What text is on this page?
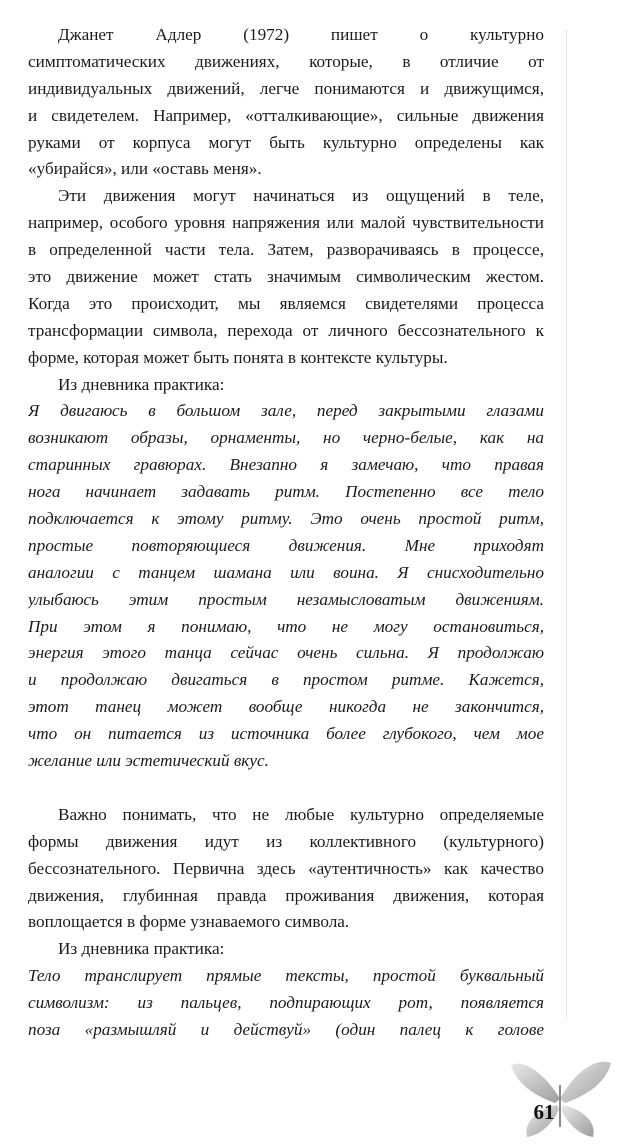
Джанет Адлер (1972) пишет о культурно
симптоматических движениях, которые, в отличие от
индивидуальных движений, легче понимаются и движущимся,
и свидетелем. Например, «отталкивающие», сильные движения
руками от корпуса могут быть культурно определены как
«убирайся», или «оставь меня».
Эти движения могут начинаться из ощущений в теле,
например, особого уровня напряжения или малой чувствительности
в определенной части тела. Затем, разворачиваясь в процессе,
это движение может стать значимым символическим жестом.
Когда это происходит, мы являемся свидетелями процесса
трансформации символа, перехода от личного бессознательного к
форме, которая может быть понята в контексте культуры.
Из дневника практика:
Я двигаюсь в большом зале, перед закрытыми глазами
возникают образы, орнаменты, но черно-белые, как на
старинных гравюрах. Внезапно я замечаю, что правая
нога начинает задавать ритм. Постепенно все тело
подключается к этому ритму. Это очень простой ритм,
простые повторяющиеся движения. Мне приходят
аналогии с танцем шамана или воина. Я снисходительно
улыбаюсь этим простым незамысловатым движениям.
При этом я понимаю, что не могу остановиться,
энергия этого танца сейчас очень сильна. Я продолжаю
и продолжаю двигаться в простом ритме. Кажется,
этот танец может вообще никогда не закончится,
что он питается из источника более глубокого, чем мое
желание или эстетический вкус.
Важно понимать, что не любые культурно определяемые
формы движения идут из коллективного (культурного)
бессознательного. Первична здесь «аутентичность» как качество
движения, глубинная правда проживания движения, которая
воплощается в форме узнаваемого символа.
Из дневника практика:
Тело транслирует прямые тексты, простой буквальный
символизм: из пальцев, подпирающих рот, появляется
поза «размышляй и действуй» (один палец к голове
61
